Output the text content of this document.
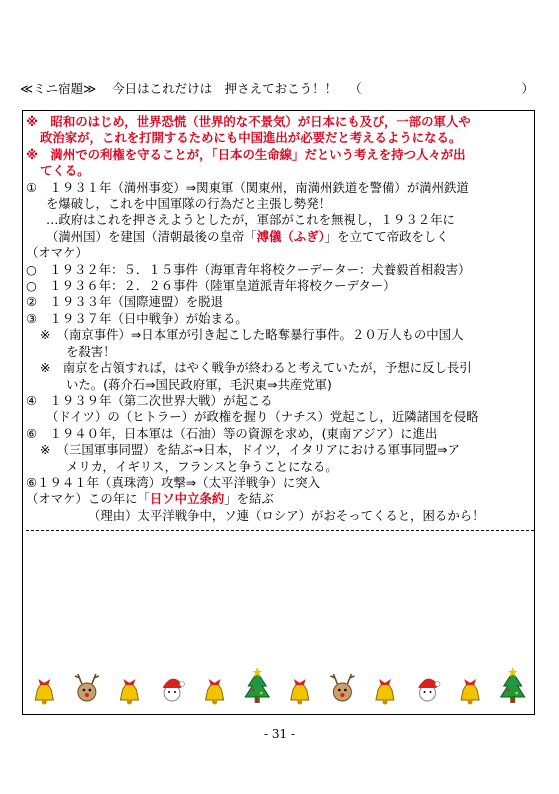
≪ミニ宿題≫ 今日はこれだけは　押さえておこう！！ （	）
※　昭和のはじめ，世界恐慌（世界的な不景気）が日本にも及び，一部の軍人や
政治家が，これを打開するためにも中国進出が必要だと考えるようになる。
※　満州での利権を守ることが，「日本の生命線」だという考えを持つ人々が出
てくる。
①　１９３１年（満州事変）⇒関東軍（関東州，南満州鉄道を警備）が満州鉄道
を爆破し，これを中国軍隊の行為だと主張し勢発！
…政府はこれを押さえようとしたが，軍部がこれを無視し，１９３２年に
（満州国）を建国（清朝最後の皇帝「溥儀（ふぎ）」を立てて帝政をしく
（オマケ）
○　１９３２年：５．１５事件（海軍青年将校クーデーター：犬養毅首相殺害）
○　１９３６年：２．２６事件（陸軍皇道派青年将校クーデター）
②　１９３３年（国際連盟）を脱退
③　１９３７年（日中戦争）が始まる。
※　（南京事件）⇒日本軍が引き起こした略奪暴行事件。２０万人もの中国人
を殺害！
※　南京を占領すれば，はやく戦争が終わると考えていたが，予想に反し長引
いた。(蒋介石⇒国民政府軍，毛沢東⇒共産党軍)
④　１９３９年（第二次世界大戦）が起こる
（ドイツ）の（ヒトラー）が政権を握り（ナチス）党起こし，近隣諸国を侵略
⑥　１９４０年，日本軍は（石油）等の資源を求め，(東南アジア）に進出
※　（三国軍事同盟）を結ぶ→日本，ドイツ，イタリアにおける軍事同盟⇒ア
メリカ，イギリス，フランスと争うことになる。
⑥１９４１年（真珠湾）攻撃⇒（太平洋戦争）に突入
（オマケ）この年に「日ソ中立条約」を結ぶ
（理由）太平洋戦争中，ソ連（ロシア）がおそってくると，困るから！
- 31 -
